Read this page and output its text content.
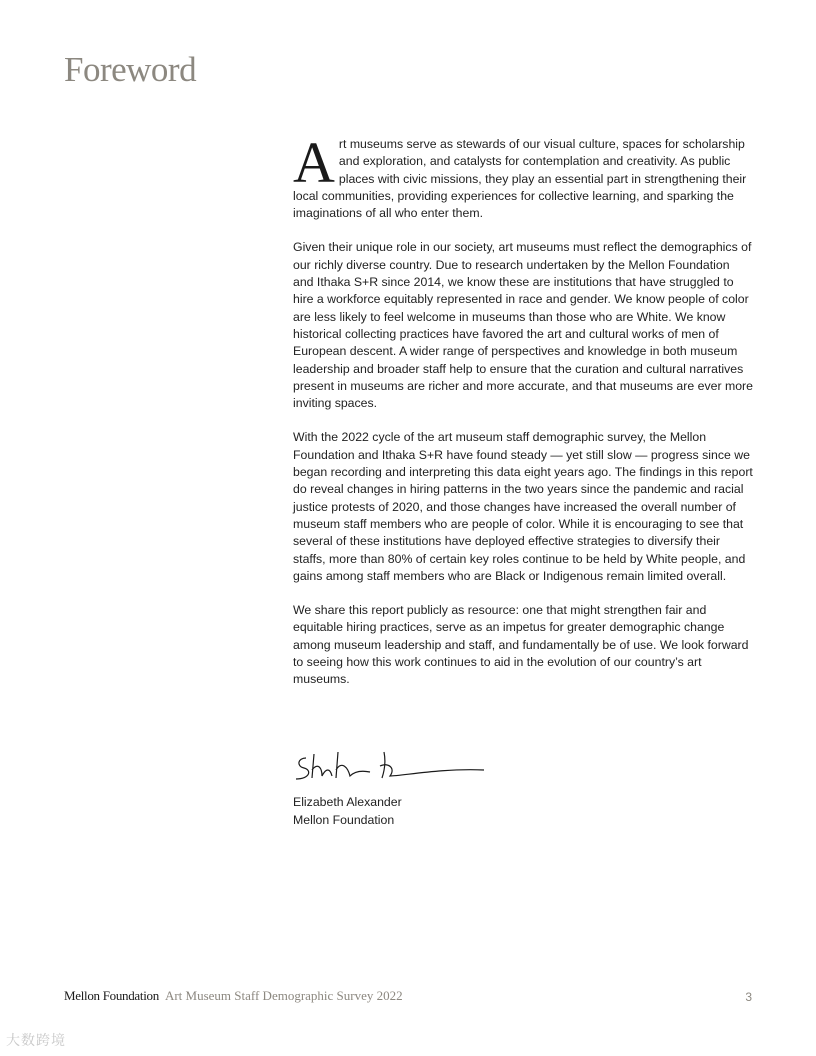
Foreword

Art museums serve as stewards of our visual culture, spaces for scholarship and exploration, and catalysts for contemplation and creativity. As public places with civic missions, they play an essential part in strengthening their local communities, providing experiences for collective learning, and sparking the imaginations of all who enter them.

Given their unique role in our society, art museums must reflect the demographics of our richly diverse country. Due to research undertaken by the Mellon Foundation and Ithaka S+R since 2014, we know these are institutions that have struggled to hire a workforce equitably represented in race and gender. We know people of color are less likely to feel welcome in museums than those who are White. We know historical collecting practices have favored the art and cultural works of men of European descent. A wider range of perspectives and knowledge in both museum leadership and broader staff help to ensure that the curation and cultural narratives present in museums are richer and more accurate, and that museums are ever more inviting spaces.

With the 2022 cycle of the art museum staff demographic survey, the Mellon Foundation and Ithaka S+R have found steady — yet still slow — progress since we began recording and interpreting this data eight years ago. The findings in this report do reveal changes in hiring patterns in the two years since the pandemic and racial justice protests of 2020, and those changes have increased the overall number of museum staff members who are people of color. While it is encouraging to see that several of these institutions have deployed effective strategies to diversify their staffs, more than 80% of certain key roles continue to be held by White people, and gains among staff members who are Black or Indigenous remain limited overall.

We share this report publicly as resource: one that might strengthen fair and equitable hiring practices, serve as an impetus for greater demographic change among museum leadership and staff, and fundamentally be of use. We look forward to seeing how this work continues to aid in the evolution of our country’s art museums.

Elizabeth Alexander
Mellon Foundation
Mellon Foundation Art Museum Staff Demographic Survey 2022	3
大数跨境
